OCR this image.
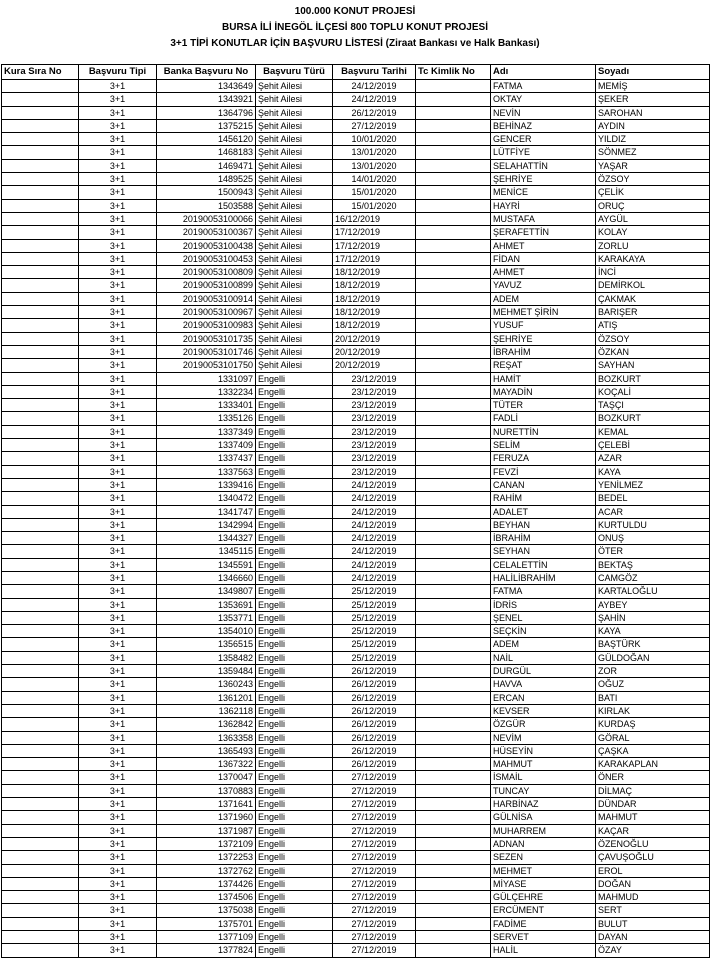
100.000 KONUT PROJESİ
BURSA İLİ İNEGÖL İLÇESİ 800 TOPLU KONUT PROJESİ
3+1 TİPİ KONUTLAR İÇİN BAŞVURU LİSTESİ (Ziraat Bankası ve Halk Bankası)
Kura Sıra No	Başvuru Tipi	Banka Başvuru No	Başvuru Türü	Başvuru Tarihi	Tc Kimlik No	Adı	Soyadı
	3+1	1343649	Şehit Ailesi	24/12/2019		FATMA	MEMİŞ
	3+1	1343921	Şehit Ailesi	24/12/2019		OKTAY	ŞEKER
	3+1	1364796	Şehit Ailesi	26/12/2019		NEVİN	SAROHAN
	3+1	1375215	Şehit Ailesi	27/12/2019		BEHİNAZ	AYDIN
	3+1	1456120	Şehit Ailesi	10/01/2020		GENCER	YILDIZ
	3+1	1468183	Şehit Ailesi	13/01/2020		LÜTFİYE	SÖNMEZ
	3+1	1469471	Şehit Ailesi	13/01/2020		SELAHATTİN	YAŞAR
	3+1	1489525	Şehit Ailesi	14/01/2020		ŞEHRİYE	ÖZSOY
	3+1	1500943	Şehit Ailesi	15/01/2020		MENİCE	ÇELİK
	3+1	1503588	Şehit Ailesi	15/01/2020		HAYRİ	ORUÇ
	3+1	20190053100066	Şehit Ailesi	16/12/2019		MUSTAFA	AYGÜL
	3+1	20190053100367	Şehit Ailesi	17/12/2019		ŞERAFETTİN	KOLAY
	3+1	20190053100438	Şehit Ailesi	17/12/2019		AHMET	ZORLU
	3+1	20190053100453	Şehit Ailesi	17/12/2019		FİDAN	KARAKAYA
	3+1	20190053100809	Şehit Ailesi	18/12/2019		AHMET	İNCİ
	3+1	20190053100899	Şehit Ailesi	18/12/2019		YAVUZ	DEMİRKOL
	3+1	20190053100914	Şehit Ailesi	18/12/2019		ADEM	ÇAKMAK
	3+1	20190053100967	Şehit Ailesi	18/12/2019		MEHMET ŞİRİN	BARIŞER
	3+1	20190053100983	Şehit Ailesi	18/12/2019		YUSUF	ATIŞ
	3+1	20190053101735	Şehit Ailesi	20/12/2019		ŞEHRİYE	ÖZSOY
	3+1	20190053101746	Şehit Ailesi	20/12/2019		İBRAHİM	ÖZKAN
	3+1	20190053101750	Şehit Ailesi	20/12/2019		REŞAT	SAYHAN
	3+1	1331097	Engelli	23/12/2019		HAMİT	BOZKURT
	3+1	1332234	Engelli	23/12/2019		MAYADİN	KOÇALİ
	3+1	1333401	Engelli	23/12/2019		TÜTER	TAŞÇI
	3+1	1335126	Engelli	23/12/2019		FADLİ	BOZKURT
	3+1	1337349	Engelli	23/12/2019		NURETTİN	KEMAL
	3+1	1337409	Engelli	23/12/2019		SELİM	ÇELEBİ
	3+1	1337437	Engelli	23/12/2019		FERUZA	AZAR
	3+1	1337563	Engelli	23/12/2019		FEVZİ	KAYA
	3+1	1339416	Engelli	24/12/2019		CANAN	YENİLMEZ
	3+1	1340472	Engelli	24/12/2019		RAHİM	BEDEL
	3+1	1341747	Engelli	24/12/2019		ADALET	ACAR
	3+1	1342994	Engelli	24/12/2019		BEYHAN	KURTULDU
	3+1	1344327	Engelli	24/12/2019		İBRAHİM	ONUŞ
	3+1	1345115	Engelli	24/12/2019		SEYHAN	ÖTER
	3+1	1345591	Engelli	24/12/2019		CELALETTİN	BEKTAŞ
	3+1	1346660	Engelli	24/12/2019		HALİLİBRAHİM	CAMGÖZ
	3+1	1349807	Engelli	25/12/2019		FATMA	KARTALOĞLU
	3+1	1353691	Engelli	25/12/2019		İDRİS	AYBEY
	3+1	1353771	Engelli	25/12/2019		ŞENEL	ŞAHİN
	3+1	1354010	Engelli	25/12/2019		SEÇKİN	KAYA
	3+1	1356515	Engelli	25/12/2019		ADEM	BAŞTÜRK
	3+1	1358482	Engelli	25/12/2019		NAİL	GÜLDOĞAN
	3+1	1359484	Engelli	26/12/2019		DURGÜL	ZOR
	3+1	1360243	Engelli	26/12/2019		HAVVA	OĞUZ
	3+1	1361201	Engelli	26/12/2019		ERCAN	BATI
	3+1	1362118	Engelli	26/12/2019		KEVSER	KIRLAK
	3+1	1362842	Engelli	26/12/2019		ÖZGÜR	KURDAŞ
	3+1	1363358	Engelli	26/12/2019		NEVİM	GÖRAL
	3+1	1365493	Engelli	26/12/2019		HÜSEYİN	ÇAŞKA
	3+1	1367322	Engelli	26/12/2019		MAHMUT	KARAKAPLAN
	3+1	1370047	Engelli	27/12/2019		İSMAİL	ÖNER
	3+1	1370883	Engelli	27/12/2019		TUNCAY	DİLMAÇ
	3+1	1371641	Engelli	27/12/2019		HARBİNAZ	DÜNDAR
	3+1	1371960	Engelli	27/12/2019		GÜLNİSA	MAHMUT
	3+1	1371987	Engelli	27/12/2019		MUHARREM	KAÇAR
	3+1	1372109	Engelli	27/12/2019		ADNAN	ÖZENOĞLU
	3+1	1372253	Engelli	27/12/2019		SEZEN	ÇAVUŞOĞLU
	3+1	1372762	Engelli	27/12/2019		MEHMET	EROL
	3+1	1374426	Engelli	27/12/2019		MİYASE	DOĞAN
	3+1	1374506	Engelli	27/12/2019		GÜLÇEHRE	MAHMUD
	3+1	1375038	Engelli	27/12/2019		ERCÜMENT	SERT
	3+1	1375701	Engelli	27/12/2019		FADİME	BULUT
	3+1	1377109	Engelli	27/12/2019		SERVET	DAYAN
	3+1	1377824	Engelli	27/12/2019		HALİL	ÖZAY
